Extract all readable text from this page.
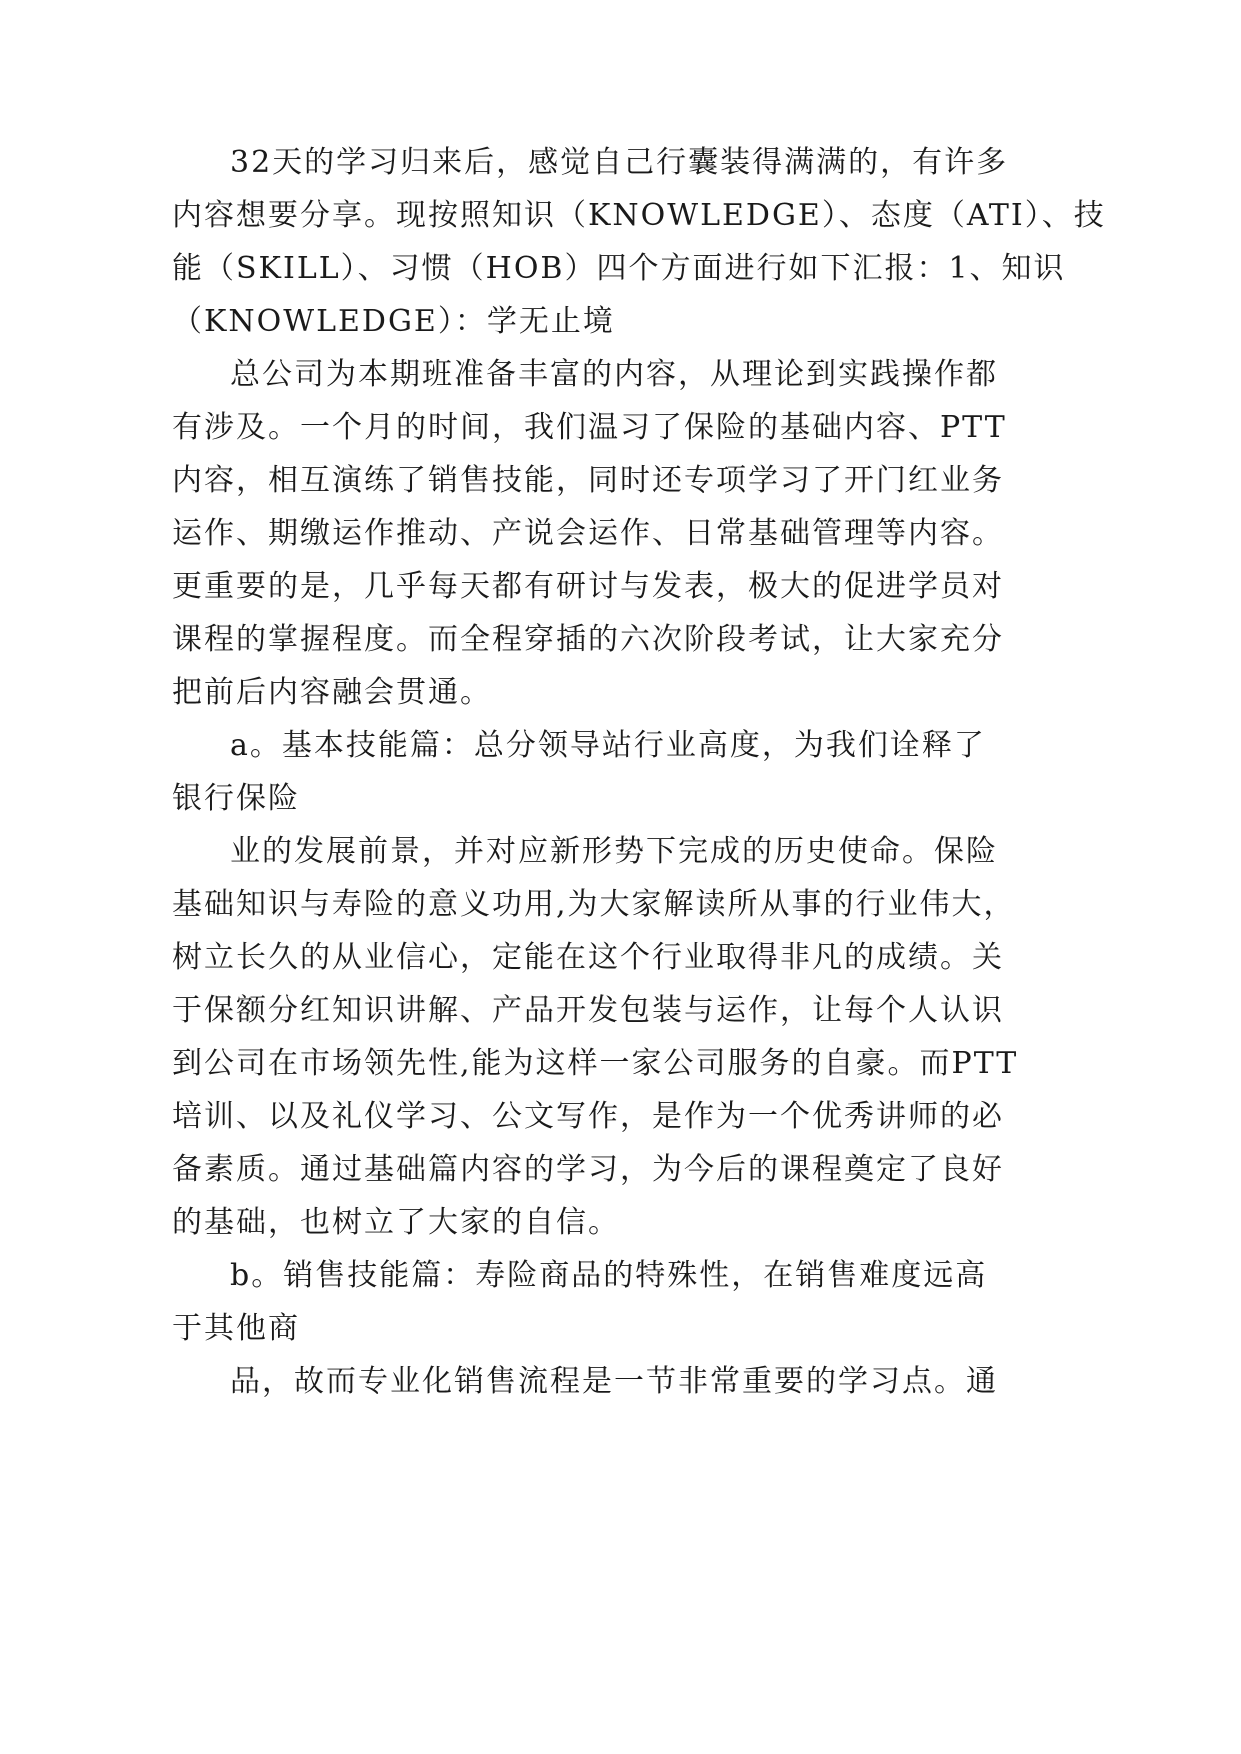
32天的学习归来后，感觉自己行囊装得满满的，有许多
内容想要分享。现按照知识（KNOWLEDGE）、态度（ATI）、技
能（SKILL）、习惯（HOB）四个方面进行如下汇报：1、知识
（KNOWLEDGE）：学无止境
总公司为本期班准备丰富的内容，从理论到实践操作都
有涉及。一个月的时间，我们温习了保险的基础内容、PTT
内容，相互演练了销售技能，同时还专项学习了开门红业务
运作、期缴运作推动、产说会运作、日常基础管理等内容。
更重要的是，几乎每天都有研讨与发表，极大的促进学员对
课程的掌握程度。而全程穿插的六次阶段考试，让大家充分
把前后内容融会贯通。
a。基本技能篇：总分领导站行业高度，为我们诠释了
银行保险
业的发展前景，并对应新形势下完成的历史使命。保险
基础知识与寿险的意义功用,为大家解读所从事的行业伟大，
树立长久的从业信心，定能在这个行业取得非凡的成绩。关
于保额分红知识讲解、产品开发包装与运作，让每个人认识
到公司在市场领先性,能为这样一家公司服务的自豪。而PTT
培训、以及礼仪学习、公文写作，是作为一个优秀讲师的必
备素质。通过基础篇内容的学习，为今后的课程奠定了良好
的基础，也树立了大家的自信。
b。销售技能篇：寿险商品的特殊性，在销售难度远高
于其他商
品，故而专业化销售流程是一节非常重要的学习点。通
